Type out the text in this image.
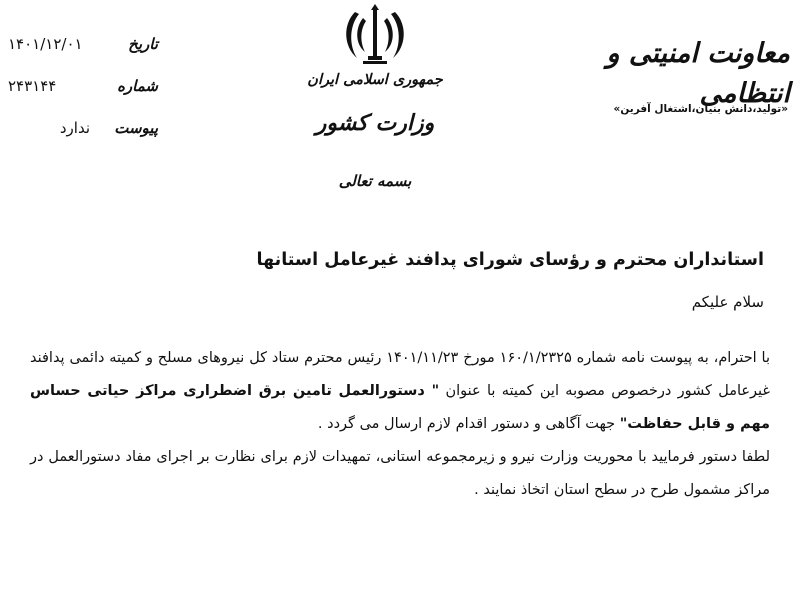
معاونت امنیتی و انتظامی
«تولید،دانش بنیان،اشتغال آفرین»
جمهوری اسلامی ایران
وزارت کشور
بسمه تعالی
تاریخ
۱۴۰۱/۱۲/۰۱
شماره
۲۴۳۱۴۴
پیوست
ندارد
استانداران محترم و رؤسای شورای پدافند غیرعامل استانها
سلام علیکم
با احترام، به پیوست نامه شماره ۱۶۰/۱/۲۳۲۵ مورخ ۱۴۰۱/۱۱/۲۳ رئیس محترم ستاد کل نیروهای مسلح و کمیته دائمی پدافند غیرعامل کشور درخصوص مصوبه این کمیته با عنوان " دستورالعمل تامین برق اضطراری مراکز حیاتی حساس مهم و قابل حفاظت" جهت آگاهی و دستور اقدام لازم ارسال می گردد .
لطفا دستور فرمایید با محوریت وزارت نیرو و زیرمجموعه استانی، تمهیدات لازم برای نظارت بر اجرای مفاد دستورالعمل در مراکز مشمول طرح در سطح استان اتخاذ نمایند .
